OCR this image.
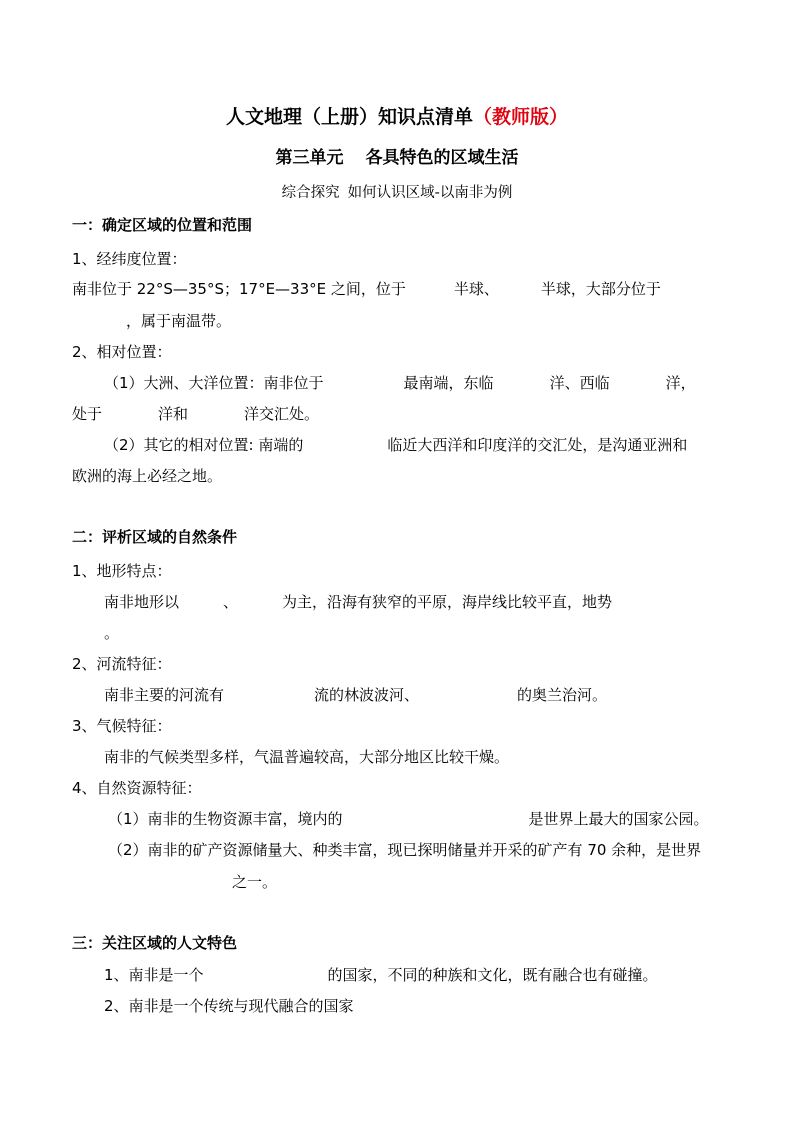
人文地理（上册）知识点清单（教师版）
第三单元 各具特色的区域生活
综合探究 如何认识区域-以南非为例
一：确定区域的位置和范围
1、经纬度位置：
南非位于 22°S—35°S；17°E—33°E 之间，位于	半球、	半球，大部分位于
，属于南温带。
2、相对位置：
（1）大洲、大洋位置：南非位于	最南端，东临	洋、西临	洋，
处于	洋和	洋交汇处。
（2）其它的相对位置: 南端的	临近大西洋和印度洋的交汇处，是沟通亚洲和
欧洲的海上必经之地。
二：评析区域的自然条件
1、地形特点：
南非地形以	、	为主，沿海有狭窄的平原，海岸线比较平直，地势
。
2、河流特征：
南非主要的河流有	流的林波波河、	的奥兰治河。
3、气候特征：
南非的气候类型多样，气温普遍较高，大部分地区比较干燥。
4、自然资源特征：
（1）南非的生物资源丰富，境内的	是世界上最大的国家公园。
（2）南非的矿产资源储量大、种类丰富，现已探明储量并开采的矿产有 70 余种，是世界
之一。
三：关注区域的人文特色
1、南非是一个	的国家，不同的种族和文化，既有融合也有碰撞。
2、南非是一个传统与现代融合的国家
